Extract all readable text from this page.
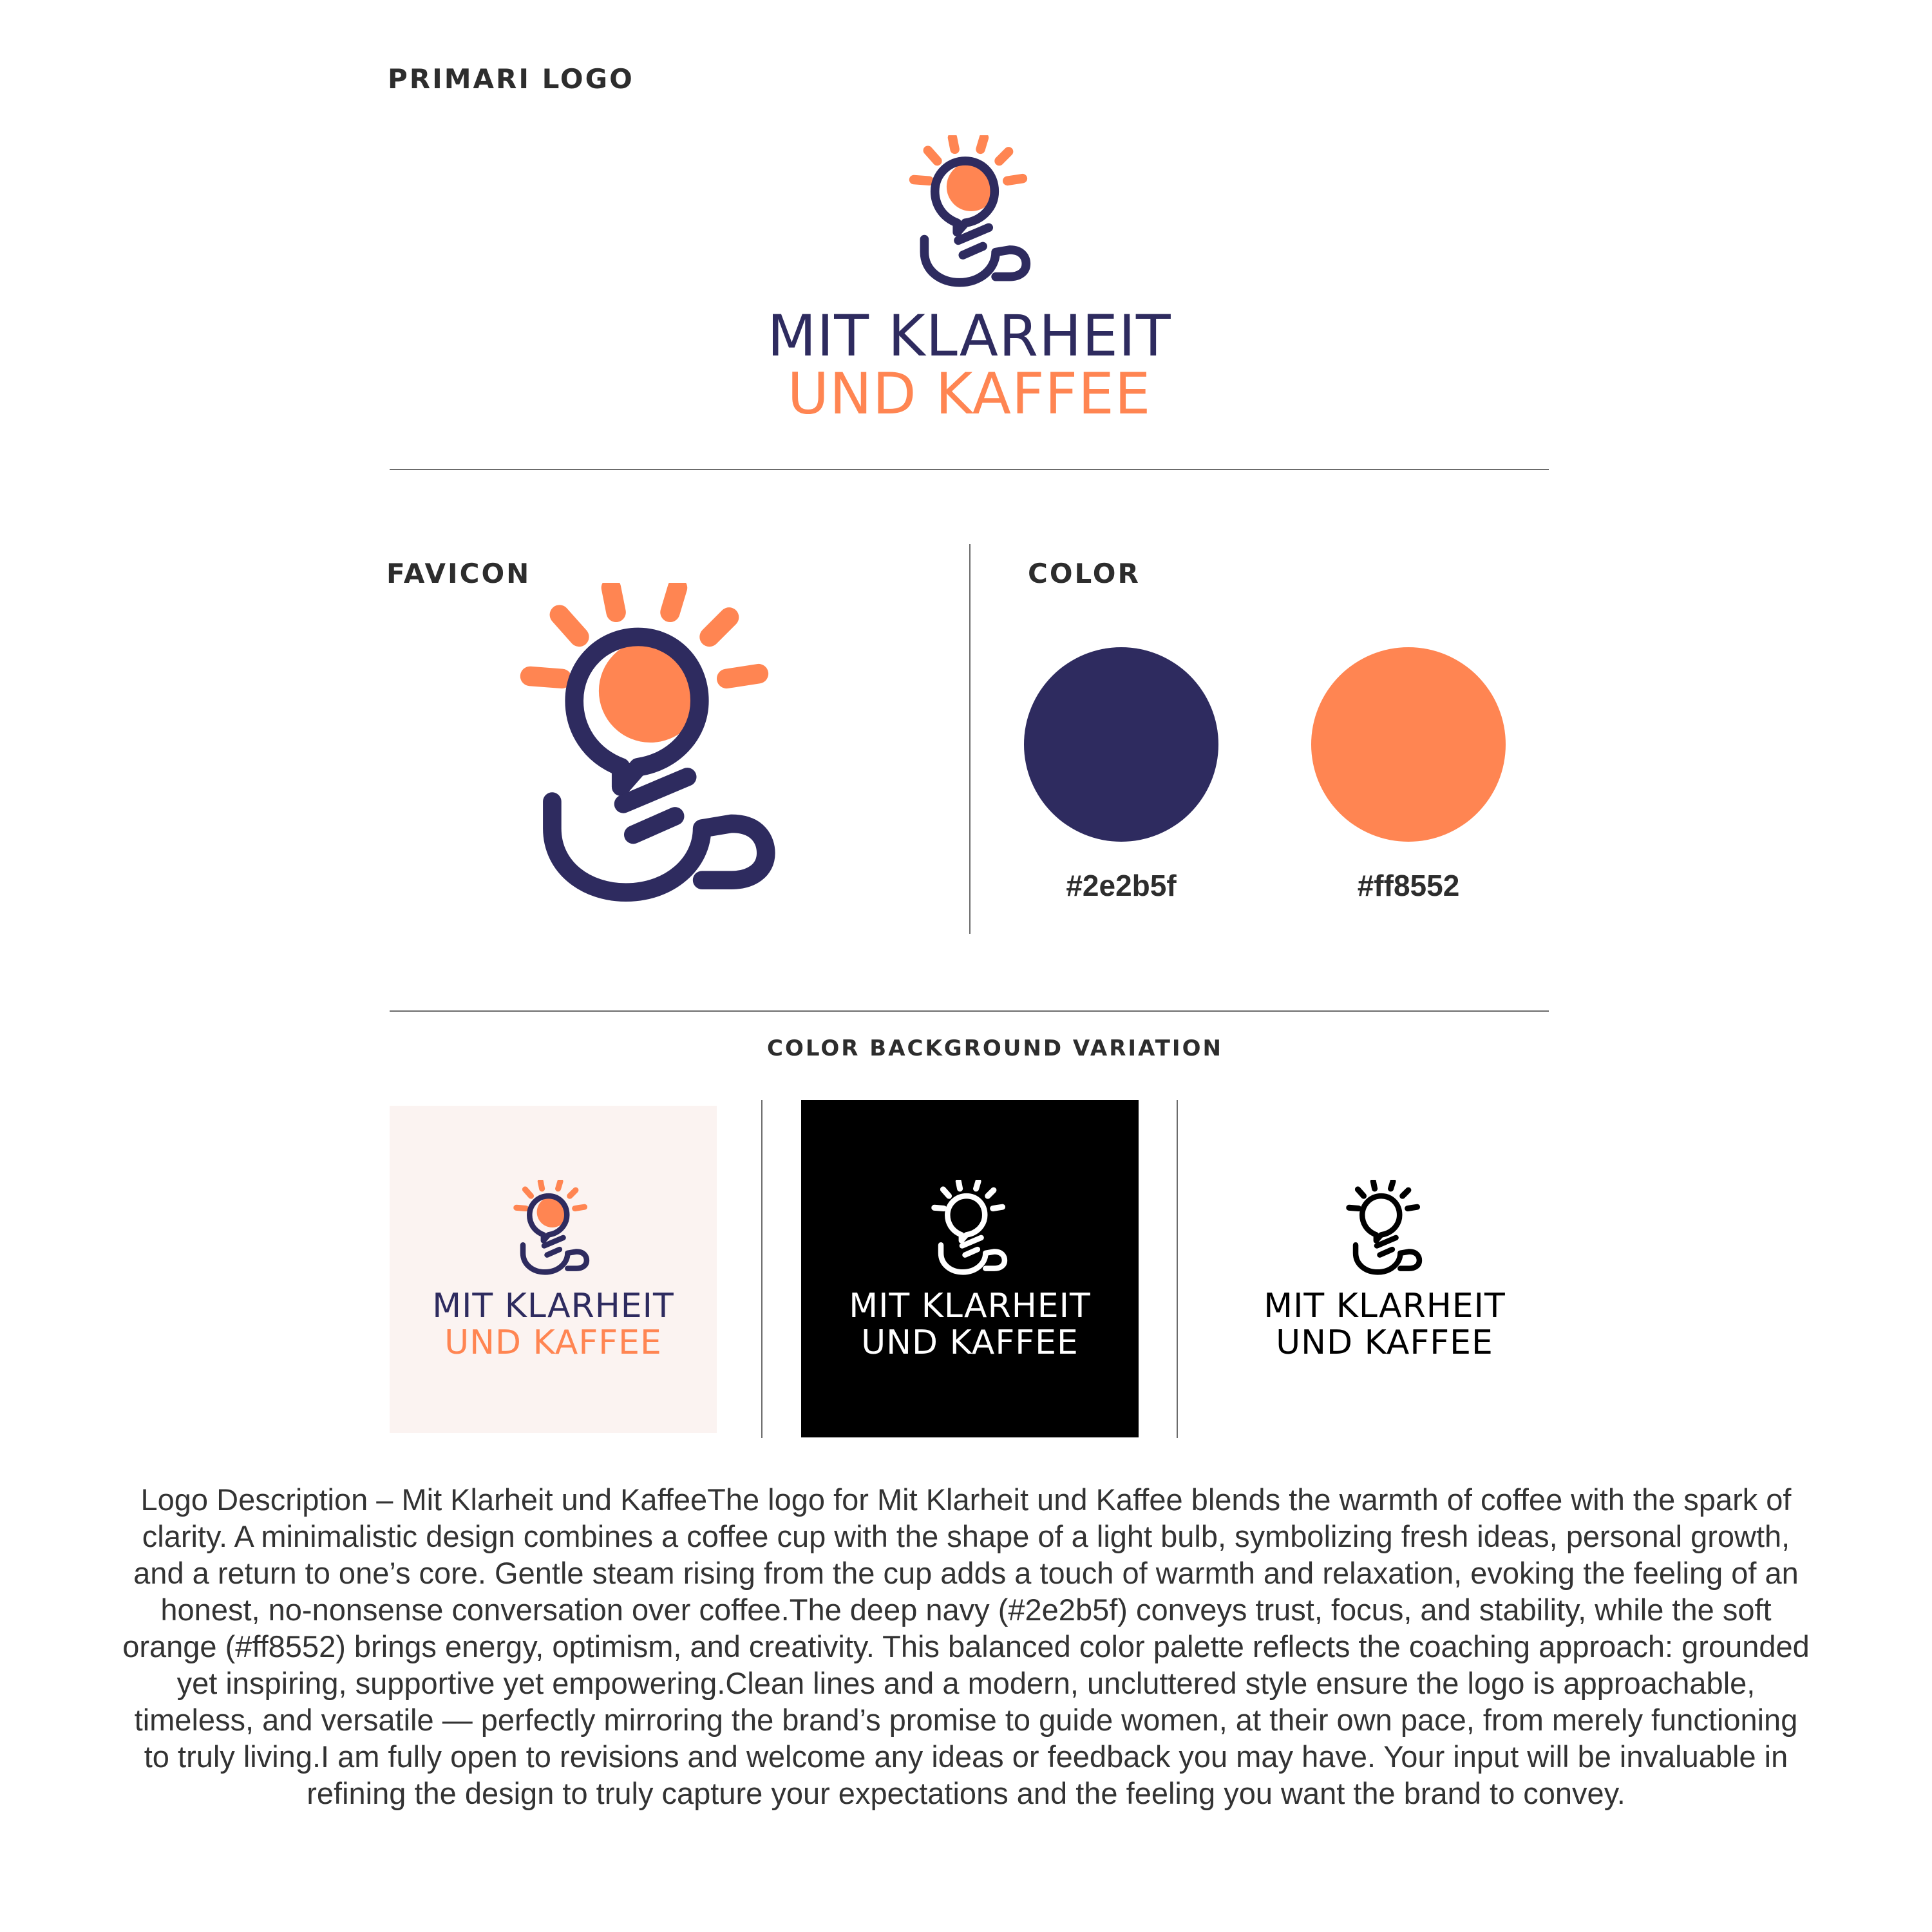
PRIMARI LOGO
MIT KLARHEIT
UND KAFFEE
FAVICON	COLOR
#2e2b5f	#ff8552
COLOR BACKGROUND VARIATION
MIT KLARHEIT
UND KAFFEE
MIT KLARHEIT
UND KAFFEE
MIT KLARHEIT
UND KAFFEE
Logo Description – Mit Klarheit und KaffeeThe logo for Mit Klarheit und Kaffee blends the warmth of coffee with the spark of clarity. A minimalistic design combines a coffee cup with the shape of a light bulb, symbolizing fresh ideas, personal growth, and a return to one’s core. Gentle steam rising from the cup adds a touch of warmth and relaxation, evoking the feeling of an honest, no-nonsense conversation over coffee.The deep navy (#2e2b5f) conveys trust, focus, and stability, while the soft orange (#ff8552) brings energy, optimism, and creativity. This balanced color palette reflects the coaching approach: grounded yet inspiring, supportive yet empowering.Clean lines and a modern, uncluttered style ensure the logo is approachable, timeless, and versatile — perfectly mirroring the brand’s promise to guide women, at their own pace, from merely functioning to truly living.I am fully open to revisions and welcome any ideas or feedback you may have. Your input will be invaluable in refining the design to truly capture your expectations and the feeling you want the brand to convey.
